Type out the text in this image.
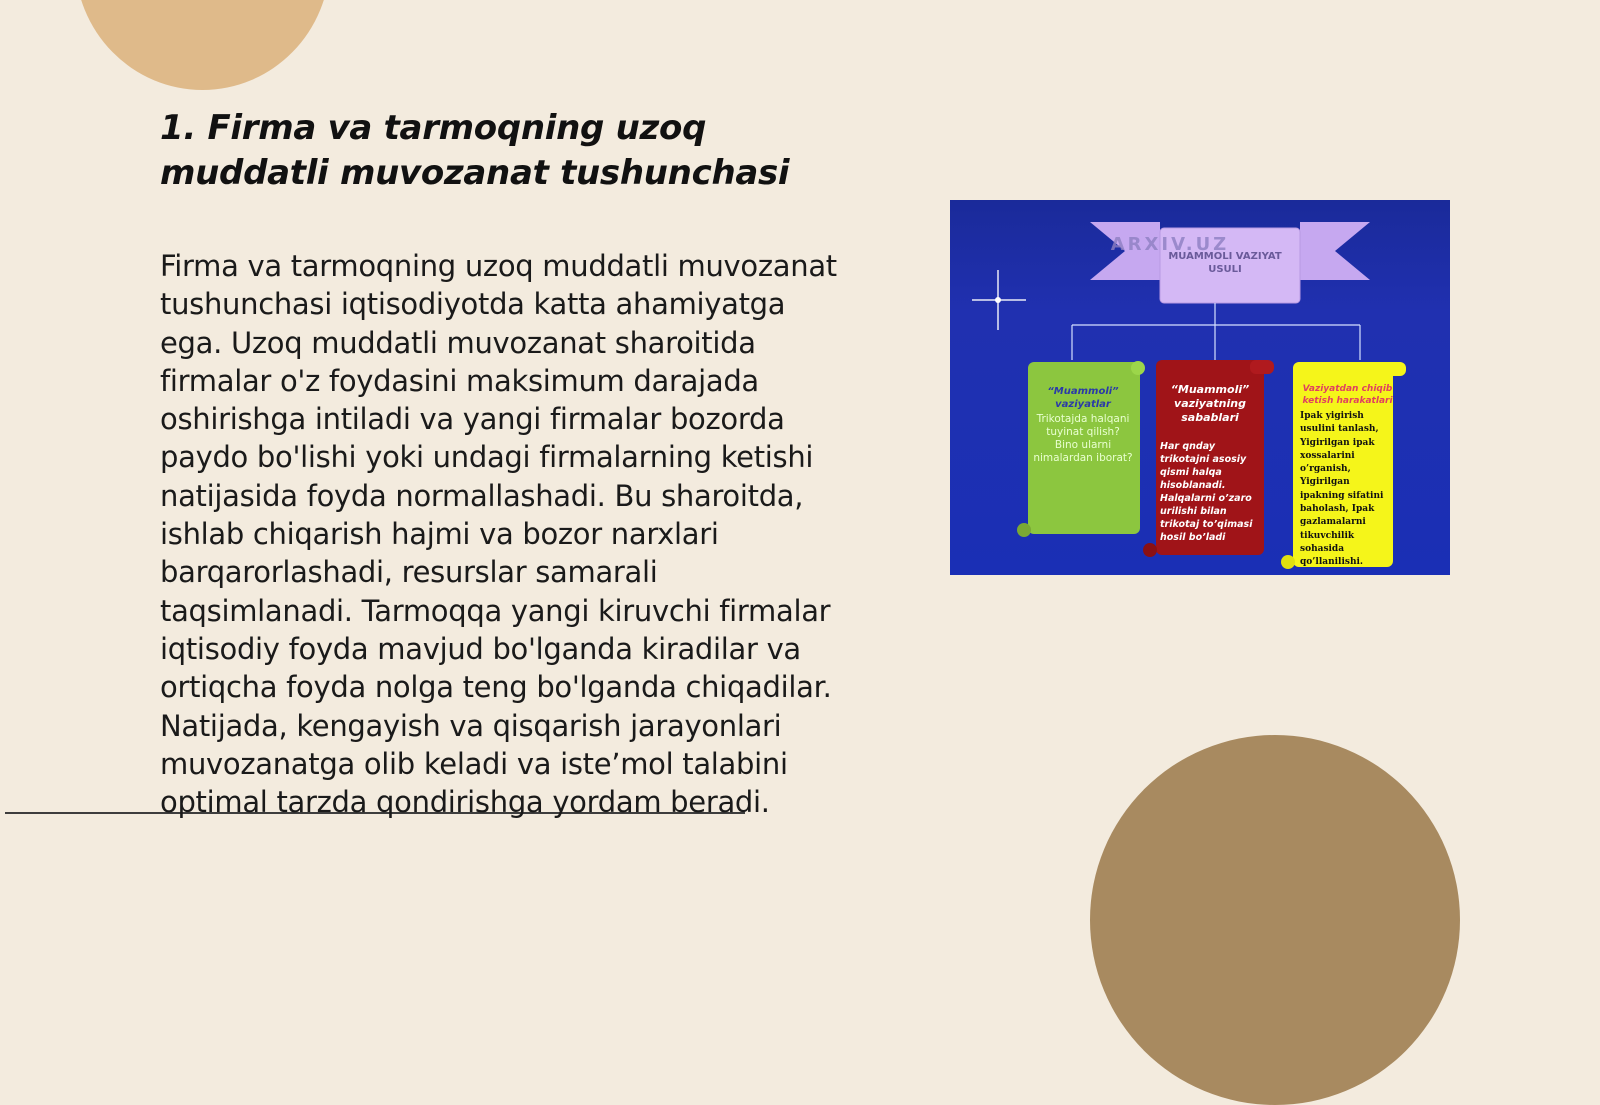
1. Firma va tarmoqning uzoq muddatli muvozanat tushunchasi
Firma va tarmoqning uzoq muddatli muvozanat tushunchasi iqtisodiyotda katta ahamiyatga ega. Uzoq muddatli muvozanat sharoitida firmalar o'z foydasini maksimum darajada oshirishga intiladi va yangi firmalar bozorda paydo bo'lishi yoki undagi firmalarning ketishi natijasida foyda normallashadi. Bu sharoitda, ishlab chiqarish hajmi va bozor narxlari barqarorlashadi, resurslar samarali taqsimlanadi. Tarmoqqa yangi kiruvchi firmalar iqtisodiy foyda mavjud bo'lganda kiradilar va ortiqcha foyda nolga teng bo'lganda chiqadilar. Natijada, kengayish va qisqarish jarayonlari muvozanatga olib keladi va iste’mol talabini optimal tarzda qondirishga yordam beradi.
ARXIV.UZ
MUAMMOLI VAZIYAT USULI
“Muammoli” vaziyatlar
Trikotajda halqani tuyinat qilish? Bino ularni nimalardan iborat?
“Muammoli” vaziyatning sabablari
Har qnday trikotajni asosiy qismi halqa hisoblanadi. Halqalarni o’zaro urilishi bilan trikotaj to’qimasi hosil bo’ladi
Vaziyatdan chiqib ketish harakatlari
Ipak yigirish usulini tanlash, Yigirilgan ipak xossalarini o’rganish, Yigirilgan ipakning sifatini baholash, Ipak gazlamalarni tikuvchilik sohasida qo’llanilishi.
